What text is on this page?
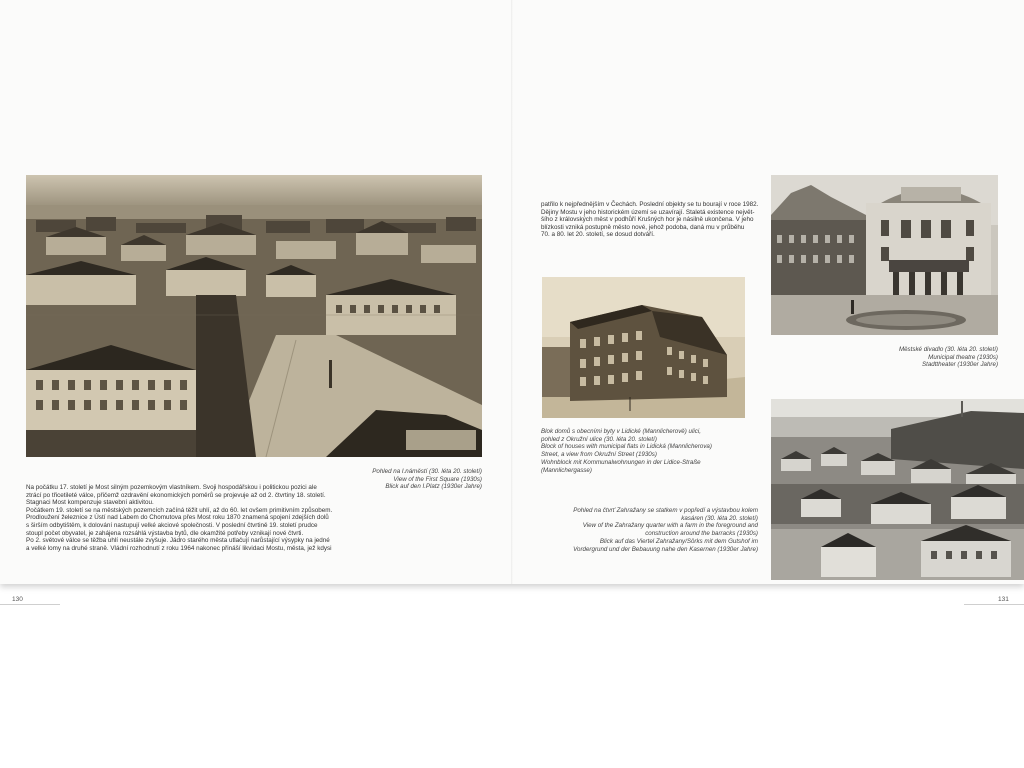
Pohled na I.náměstí (30. léta 20. století)
View of the First Square (1930s)
Blick auf den I.Platz (1930er Jahre)
Na počátku 17. století je Most silným pozemkovým vlastníkem. Svoji hospodářskou i politickou pozici ale
ztrácí po třicetileté válce, přičemž ozdravění ekonomických poměrů se projevuje až od 2. čtvrtiny 18. století.
Stagnaci Most kompenzuje stavební aktivitou.
Počátkem 19. století se na městských pozemcích začíná těžit uhlí, až do 60. let ovšem primitivním způsobem.
Prodloužení železnice z Ústí nad Labem do Chomutova přes Most roku 1870 znamená spojení zdejších dolů
s širším odbytištěm, k dolování nastupují velké akciové společnosti. V poslední čtvrtině 19. století prudce
stoupl počet obyvatel, je zahájena rozsáhlá výstavba bytů, dle okamžité potřeby vznikají nové čtvrti.
Po 2. světové válce se těžba uhlí neustále zvyšuje. Jádro starého města utlačují narůstající výsypky na jedné
a velké lomy na druhé straně. Vládní rozhodnutí z roku 1964 nakonec přináší likvidaci Mostu, města, jež kdysi
patřilo k nejpřednějším v Čechách. Poslední objekty se tu bourají v roce 1982.
Dějiny Mostu v jeho historickém území se uzavírají. Staletá existence největ-
šího z královských měst v podhůří Krušných hor je násilně ukončena. V jeho
blízkosti vzniká postupně město nové, jehož podoba, daná mu v průběhu
70. a 80. let 20. století, se dosud dotváří.
Blok domů s obecními byty v Lidické (Mannlicherově) ulici,
pohled z Okružní ulice (30. léta 20. století)
Block of houses with municipal flats in Lidická (Mannlicherova)
Street, a view from Okružní Street (1930s)
Wohnblock mit Kommunalwohnungen in der Lidice-Straße
(Mannlichergasse)
Městské divadlo (30. léta 20. století)
Municipal theatre (1930s)
Stadttheater (1930er Jahre)
Pohled na čtvrť Zahražany se statkem v popředí a výstavbou kolem
kasáren (30. léta 20. století)
View of the Zahražany quarter with a farm in the foreground and
construction around the barracks (1930s)
Blick auf das Viertel Zahražany/Sörks mit dem Gutshof im
Vordergrund und der Bebauung nahe den Kasernen (1930er Jahre)
130	131
